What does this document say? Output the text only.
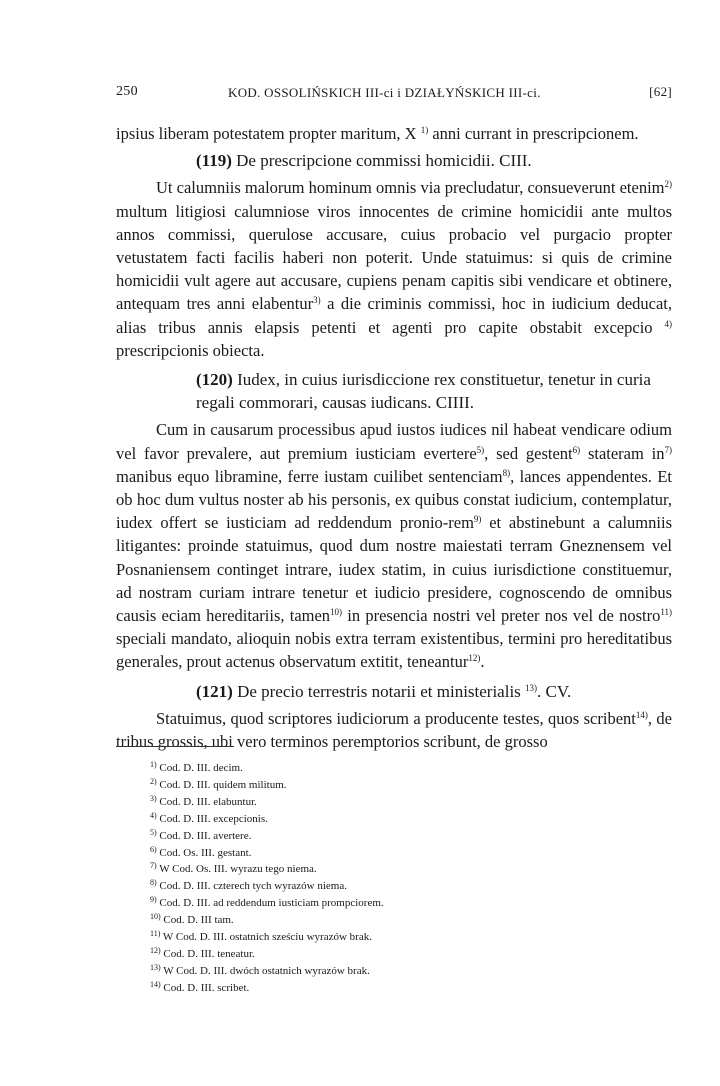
250	KOD. OSSOLIŃSKICH III-ci i DZIAŁYŃSKICH III-ci.	[62]

ipsius liberam potestatem propter maritum, X $^{1)}$ anni currant in prescripcionem.

(119) De prescripcione commissi homicidii. CIII.

Ut calumniis malorum hominum omnis via precludatur, consueverunt etenim$^{2)}$ multum litigiosi calumniose viros innocentes de crimine homicidii ante multos annos commissi, querulose accusare, cuius probacio vel purgacio propter vetustatem facti facilis haberi non poterit. Unde statuimus: si quis de crimine homicidii vult agere aut accusare, cupiens penam capitis sibi vendicare et obtinere, antequam tres anni elabentur$^{3)}$ a die criminis commissi, hoc in iudicium deducat, alias tribus annis elapsis petenti et agenti pro capite obstabit excepcio $^{4)}$ prescripcionis obiecta.

(120) Iudex, in cuius iurisdiccione rex constituetur, tenetur in curia regali commorari, causas iudicans. CIIII.

Cum in causarum processibus apud iustos iudices nil habeat vendicare odium vel favor prevalere, aut premium iusticiam evertere$^{5)}$, sed gestent$^{6)}$ stateram $in^{7)}$ manibus equo libramine, ferre iustam cuilibet sentenciam$^{8)}$, lances appendentes. Et ob hoc dum vultus noster ab his personis, ex quibus constat iudicium, contemplatur, iudex offert se iusticiam ad reddendum pronio-rem$^{9)}$ et abstinebunt a calumniis litigantes: proinde statuimus, quod dum nostre maiestati terram Gneznensem vel Posnaniensem continget intrare, iudex statim, in cuius iurisdictione constituemur, ad nostram curiam intrare tenetur et iudicio presidere, cognoscendo de omnibus causis eciam hereditariis, tamen$^{10)}$ in presencia nostri vel preter nos vel de nostro$^{11)}$ speciali mandato, alioquin nobis extra terram existentibus, termini pro hereditatibus generales, prout actenus observatum extitit, teneantur$^{12)}$.

(121) De precio terrestris notarii et ministerialis $^{13)}$. CV.

Statuimus, quod scriptores iudiciorum a producente testes, quos scribent$^{14)}$, de tribus grossis, ubi vero terminos peremptorios scribunt, de grosso

$^{1)}$ Cod. D. III. decim.
$^{2)}$ Cod. D. III. quidem militum.
$^{3)}$ Cod. D. III. elabuntur.
$^{4)}$ Cod. D. III. excepcionis.
$^{5)}$ Cod. D. III. avertere.
$^{6)}$ Cod. Os. III. gestant.
$^{7)}$ W Cod. Os. III. wyrazu tego niema.
$^{8)}$ Cod. D. III. czterech tych wyrazów niema.
$^{9)}$ Cod. D. III. ad reddendum iusticiam prompciorem.
$^{10)}$ Cod. D. III tam.
$^{11)}$ W Cod. D. III. ostatnich sześciu wyrazów brak.
$^{12)}$ Cod. D. III. teneatur.
$^{13)}$ W Cod. D. III. dwóch ostatnich wyrazów brak.
$^{14)}$ Cod. D. III. scribet.
